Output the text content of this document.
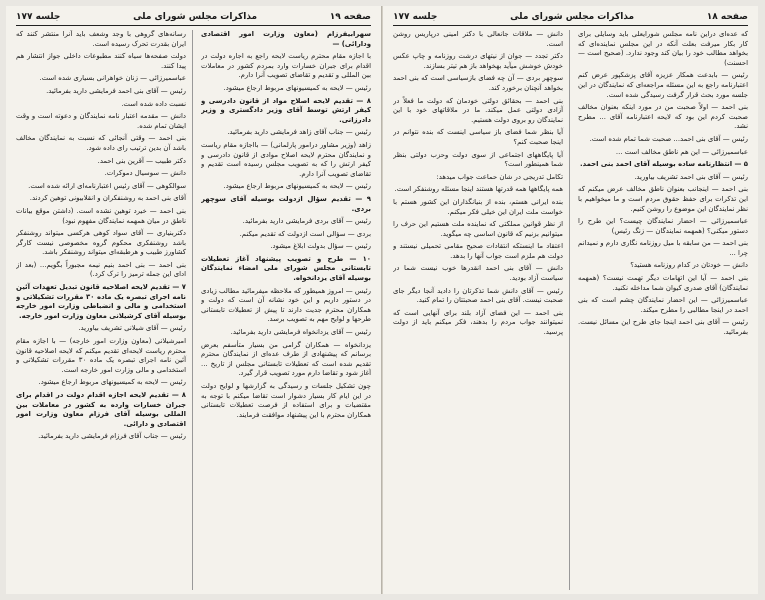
صفحه ۱۹
مذاکرات مجلس شورای ملی
جلسه ۱۷۷

سهرابیفرزام (معاون وزارت امور اقتصادی ودارائی) —

با اجازه مقام محترم ریاست لایحه راجع به اجاره دولت در اقدام برای جبران خسارات وارد بمردم کشور در معاملات بین المللی و تقدیم و تقاضای تصویب آنرا دارم.

رئیس — لایحه به کمیسیونهای مربوط ارجاع میشود.

۸ — تقدیم لایحه اصلاح مواد از قانون دادرسی و کیفر ارتش توسط آقای وزیر دادگستری و وزیر دادرزانی.

رئیس — جناب آقای زاهد فرمایشی دارید بفرمائید.

زاهد (وزیر مشاور درامور پارلمانی) — بااجازه مقام ریاست و نمایندگان محترم لایحه اصلاح موادی از قانون دادرسی و کیفر ارتش را که به تصویب مجلس رسیده است تقدیم و تقاضای تصویب آنرا دارم.

رئیس — لایحه به کمیسیونهای مربوط ارجاع میشود.

۹ — تقدیم سؤال ازدولت بوسیله آقای سوچهر بردی.

رئیس — آقای بردی فرمایشی دارید بفرمائید.

بردی — سؤالی است ازدولت که تقدیم میکنم.

رئیس — سؤال بدولت ابلاغ میشود.

۱۰ — طرح و تصویب پیشنهاد آغاز تعطیلات تابستانی مجلس شورای ملی امضاء نمایندگان بوسیله آقای یزدانخواه.

رئیس — امروز همیطور که ملاحظه میفرمائید مطالب زیادی در دستور داریم و این خود نشانه آن است که دولت و همکاران محترم جدیت دارند تا پیش از تعطیلات تابستانی طرحها و لوایح مهم به تصویب برسد.

رئیس — آقای یزدانخواه فرمایشی دارید بفرمائید.

یزدانخواه — همکاران گرامی من بسیار متأسفم بعرض برسانم که پیشنهادی از طرف عده‌ای از نمایندگان محترم تقدیم شده است که تعطیلات تابستانی مجلس از تاریخ ... آغاز شود و تقاضا دارم مورد تصویب قرار گیرد.

چون تشکیل جلسات و رسیدگی به گزارشها و لوایح دولت در این ایام کار بسیار دشوار است تقاضا میکنم با توجه به مقتضیات و برای استفاده از فرصت تعطیلات تابستانی همکاران محترم با این پیشنهاد موافقت فرمایند.

رسانه‌های گروهی با وجد وشعف باید آنرا منتشر کنند که ایران بقدرت تحرک رسیده است.

دولت صفحه‌ها سیاه کنند مطبوعات داخلی جواز انتشار هم پیدا کنند.

عباسمیرزائی — زنان خواهرانی بسیاری شده است.

رئیس — آقای بنی احمد فرمایشی دارید بفرمائید.

نسبت داده شده است.

دانش — مقدمه اعتبار نامه نمایندگان و دعوته است و وقت ایشان تمام شده.

بنی احمد — وقتی آنجائی که نسبت به نمایندگان مخالف باشد آن بدین ترتیب رای داده شود.

دکتر طبیب — آقرین بنی احمد.

دانش — سوسیال دموکرات.

سوالکوهی — آقای رئیس اعتبارنامه‌ای ارائه شده است.

آقای بنی احمد به روشنفکران و انقلابیونی توهین کردند.

بنی احمد — خیرد توهین نشده است. (داشتن موقع بیانات ناطق در میان همهمه نمایندگان مفهوم نبود)

دکتربنیاری — آقای سواد کوهی هرکسی میتواند روشنفکر باشد روشنفکری محکوم گروه مخصوصی نیست کارگر کشاورز طبیب و هرطبقه‌ای میتواند روشنفکر باشد.

بنی احمد — بنی احمد بنیم نیمه مجبوراً بگویم... (بعد از ادای این جمله ترمیز را ترک کرد.)

۷ — تقدیم لایحه اصلاحیه قانون تبدیل تعهدات آئین نامه اجرای تبصره یک ماده ۳۰ مقررات تشکیلاتی و استخدامی و مالی و انضباطی وزارت امور خارجه بوسیله آقای کرشیلانی معاون وزارت امور خارجه.

رئیس — آقای شیلانی تشریف بیاورید.

امیرشیلانی (معاون وزارت امور خارجه) — با اجازه مقام محترم ریاست لایحه‌ای تقدیم میکنم که لایحه اصلاحیه قانون آئین نامه اجرای تبصره یک ماده ۳۰ مقررات تشکیلاتی و استخدامی و مالی وزارت امور خارجه است.

رئیس — لایحه به کمیسیونهای مربوط ارجاع میشود.

۸ — تقدیم لایحه اجازه اقدام دولت در اقدام برای جبران خسارات وارده به کشور در معاملات بین المللی بوسیله آقای فرزام معاون وزارت امور اقتصادی و دارائی.

رئیس — جناب آقای فرزام فرمایشی دارید بفرمائید.

صفحه ۱۸
مذاکرات مجلس شورای ملی
جلسه ۱۷۷

که عده‌ای دراین نامه مجلس شورایعلی باید وسایلی برای کار بکار میرفت بعلت آنکه در این مجلس نماینده‌ای که بخواهد مطالب خود را بیان کند وجود ندارد. (صحیح است — احسنت)

رئیس — بابدعت همکار عزیزه آقای پزشکپور عرض کنم اعتبارنامه راجع به این مسئله مراجعه‌ای که نمایندگان در این جلسه مورد بحث قرار گرفت رسیدگی شده است.

بنی احمد — اولاً صحبت من در مورد اینکه بعنوان مخالف صحبت کردم این بود که لایحه اعتبارنامه آقای ... مطرح نشد.

رئیس — آقای بنی احمد... صحبت شما تمام شده است.

عباسمیرزائی — این هم ناطق مخالف است ...

۵ — انتظارنامه ساده بوسیله آقای احمد بنی احمد.

رئیس — آقای بنی احمد تشریف بیاورید.

بنی احمد — اینجانب بعنوان ناطق مخالف عرض میکنم که این تذکرات برای حفظ حقوق مردم است و ما میخواهیم با نظر نمایندگان این موضوع را روشن کنیم.

عباسمیرزائی — احضار نمایندگان چیست؟ این طرح را دستور میکنی؟ (همهمه نمایندگان — زنگ رئیس)

بنی احمد — من سابقه با میل روزنامه نگاری دارم و نمیدانم چرا ...

دانش — خودتان در کدام روزنامه هستید؟

بنی احمد — آیا این اتهامات دیگر تهمت نیست؟ (همهمه نمایندگان) آقای صدری کیوان شما مداخله نکنید.

عباسمیرزائی — این احضار نمایندگان چشم است که بنی احمد در اینجا مطالبی را مطرح میکند.

رئیس — آقای بنی احمد اینجا جای طرح این مسائل نیست. بفرمائید.

دانش — ملاقات جانعالی با دکتر امینی درپاریس روشن است.

دکتر تجدد — جوان از نیتهای درشت روزنامه و چاپ عکس خودش خوشش میآید بهخواهد باز هم تیتر بسازند.

سوچهر بردی — آن چه فضای بازسیاسی است که بنی احمد بخواهد آنچنان برخورد کند.

بنی احمد — بحقائق دولتی خودمان که دولت ما فعلاً در آزادی دولتی عمل میکند. ما در ملاقاتهای خود با این نمایندگان رو بروی دولت هستیم.

آیا بنظر شما فضای باز سیاسی اینست که بنده نتوانم در اینجا صحبت کنم؟

آیا پایگاههای اجتماعی از سوی دولت وحزب دولتی بنظر شما همینطور است؟

تکامل تدریجی در شان حماعت جواب میدهد:

همه پایگاهها همه قدرتها هستند اینجا مسئله روشنفکر است.

بنده ایرانی هستم، بنده از بنیانگذاران این کشور هستم با خواست ملت ایران این خیلی فکر میکنم.

از نظر قوانین مملکتی که نماینده ملت هستیم این حرف را میتوانیم بزنیم که قانون اساسی چه میگوید.

اعتقاد ما اینستکه انتقادات صحیح مقامی تحمیلی نیستند و دولت هم ملزم است جواب آنها را بدهد.

دانش — آقای بنی احمد انقدرها خوب نیست شما در سیاست آزاد بودید.

رئیس — آقای دانش شما تذکرتان را دادید آنجا دیگر جای صحبت نیست. آقای بنی احمد صحبتتان را تمام کنید.

بنی احمد — این فضای آزاد بلند برای آنهایی است که نمیتوانند جواب مردم را بدهند، فکر میکنم باید از دولت پرسید.
